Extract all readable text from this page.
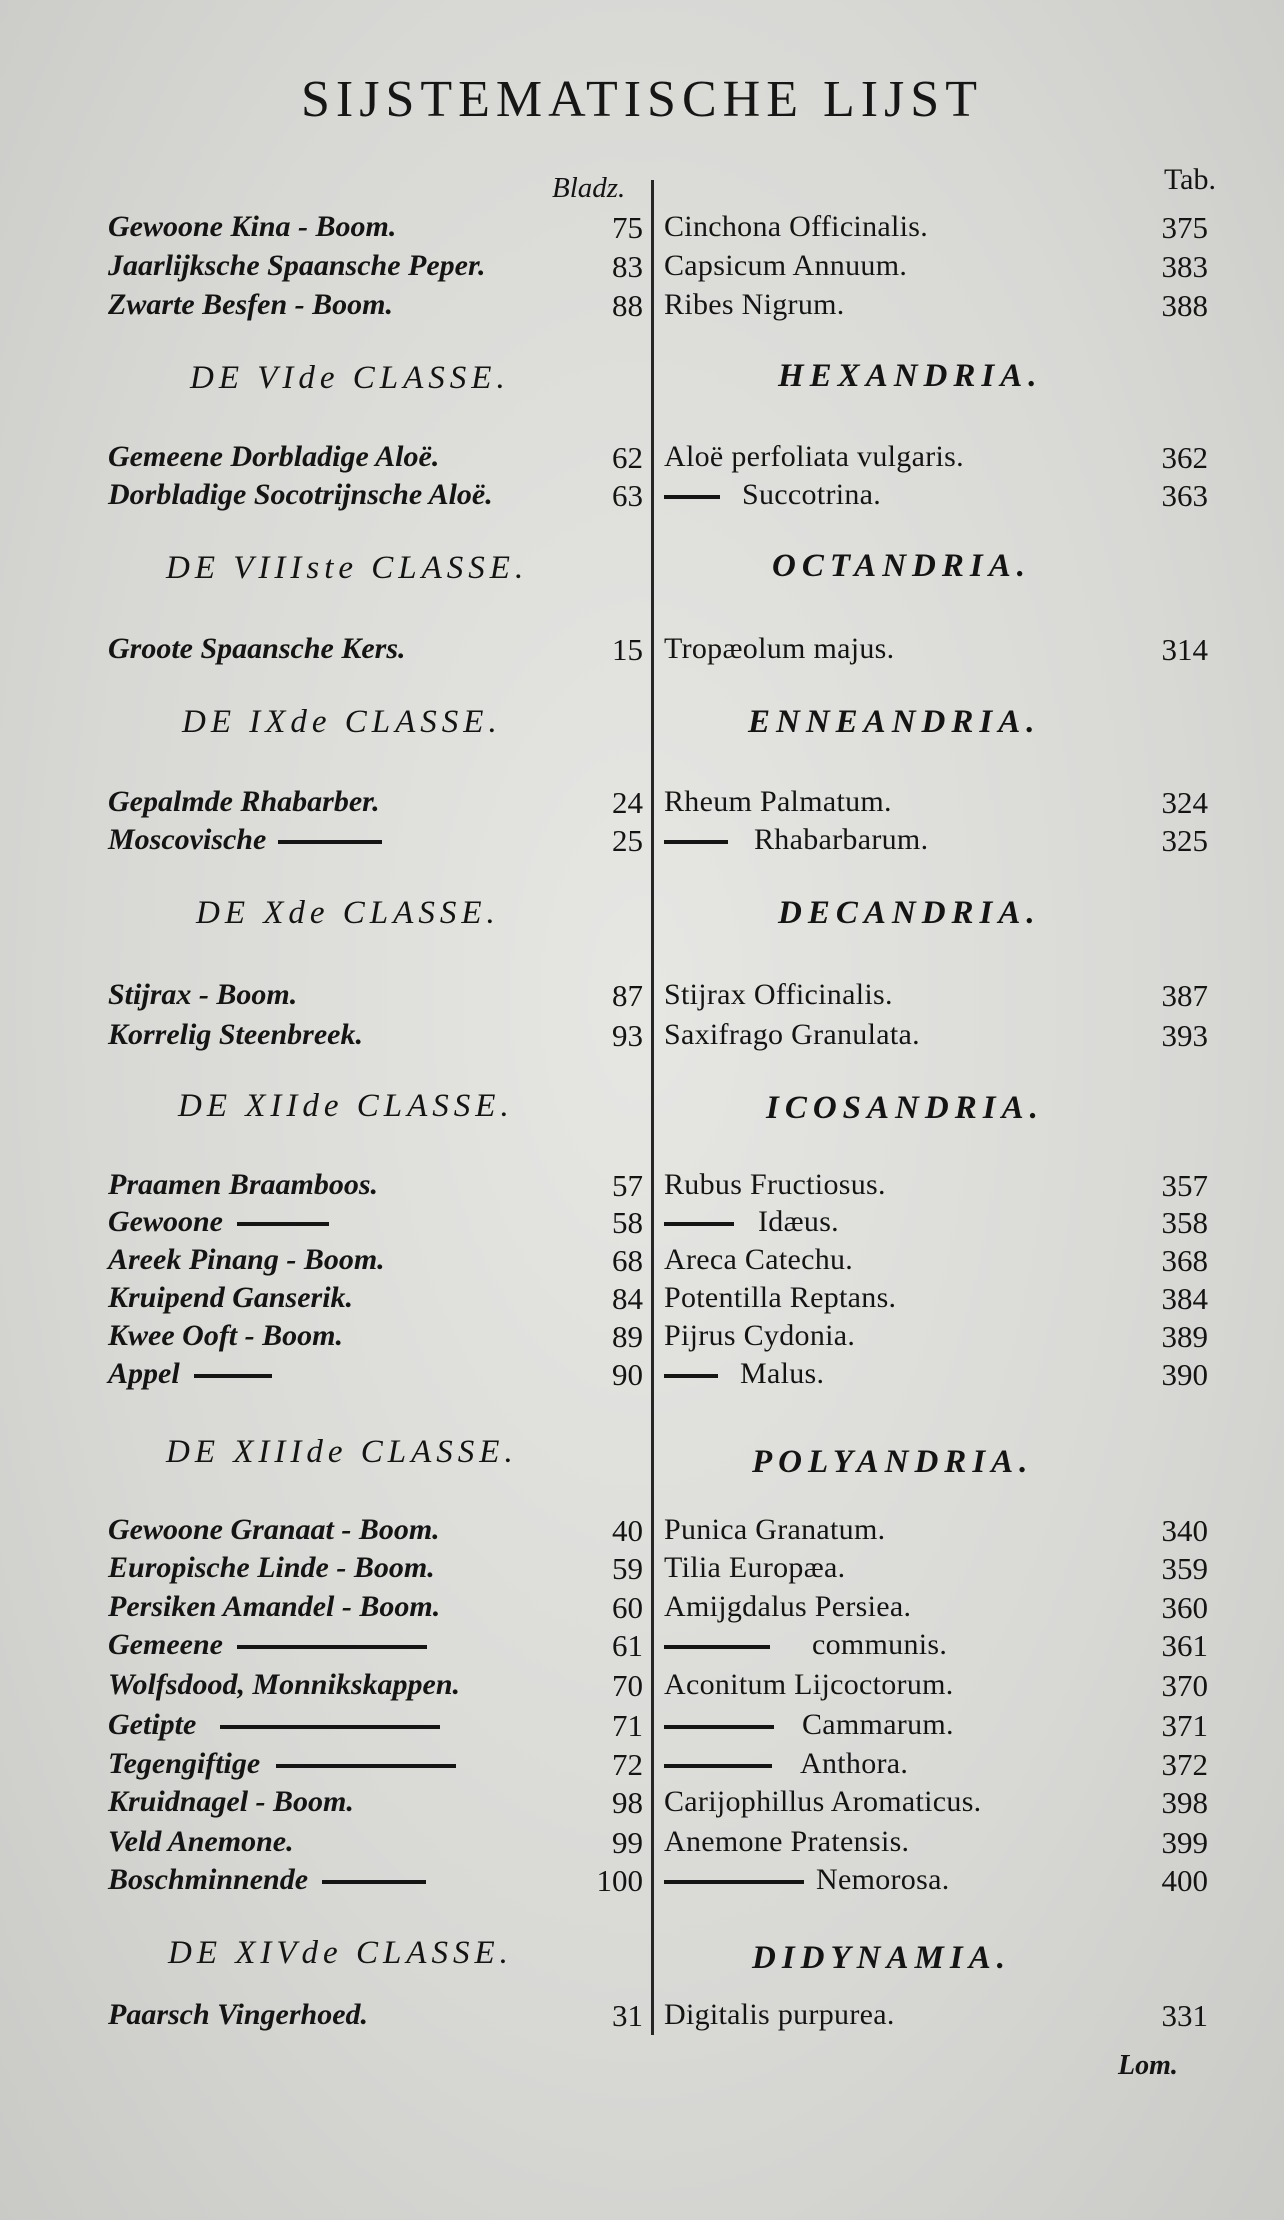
SIJSTEMATISCHE LIJST
Bladz.	Tab.
Gewoone Kina - Boom.	75 Cinchona Officinalis.	375
Jaarlijksche Spaansche Peper.	83 Capsicum Annuum.	383
Zwarte Besfen - Boom.	88 Ribes Nigrum.	388
DE VIde CLASSE.	HEXANDRIA.
Gemeene Dorbladige Aloë.	62 Aloë perfoliata vulgaris.	362
Dorbladige Socotrijnsche Aloë.	63	Succotrina.	363
DE VIIIste CLASSE.	OCTANDRIA.
Groote Spaansche Kers.	15 Tropæolum majus.	314
DE IXde CLASSE.	ENNEANDRIA.
Gepalmde Rhabarber.	24 Rheum Palmatum.	324
Moscovische	25	Rhabarbarum.	325
DE Xde CLASSE.	DECANDRIA.
Stijrax - Boom.	87 Stijrax Officinalis.	387
Korrelig Steenbreek.	93 Saxifrago Granulata.	393
DE XIIde CLASSE.	ICOSANDRIA.
Praamen Braamboos.	57 Rubus Fructiosus.	357
Gewoone	58	Idæus.	358
Areek Pinang - Boom.	68 Areca Catechu.	368
Kruipend Ganserik.	84 Potentilla Reptans.	384
Kwee Ooft - Boom.	89 Pijrus Cydonia.	389
Appel	90	Malus.	390
DE XIIIde CLASSE.	POLYANDRIA.
Gewoone Granaat - Boom.	40 Punica Granatum.	340
Europische Linde - Boom.	59 Tilia Europæa.	359
Persiken Amandel - Boom.	60 Amijgdalus Persiea.	360
Gemeene	61	communis.	361
Wolfsdood, Monnikskappen.	70 Aconitum Lijcoctorum.	370
Getipte	71	Cammarum.	371
Tegengiftige	72	Anthora.	372
Kruidnagel - Boom.	98 Carijophillus Aromaticus.	398
Veld Anemone.	99 Anemone Pratensis.	399
Boschminnende	100	Nemorosa.	400
DE XIVde CLASSE.	DIDYNAMIA.
Paarsch Vingerhoed.	31 Digitalis purpurea.	331
Lom.
